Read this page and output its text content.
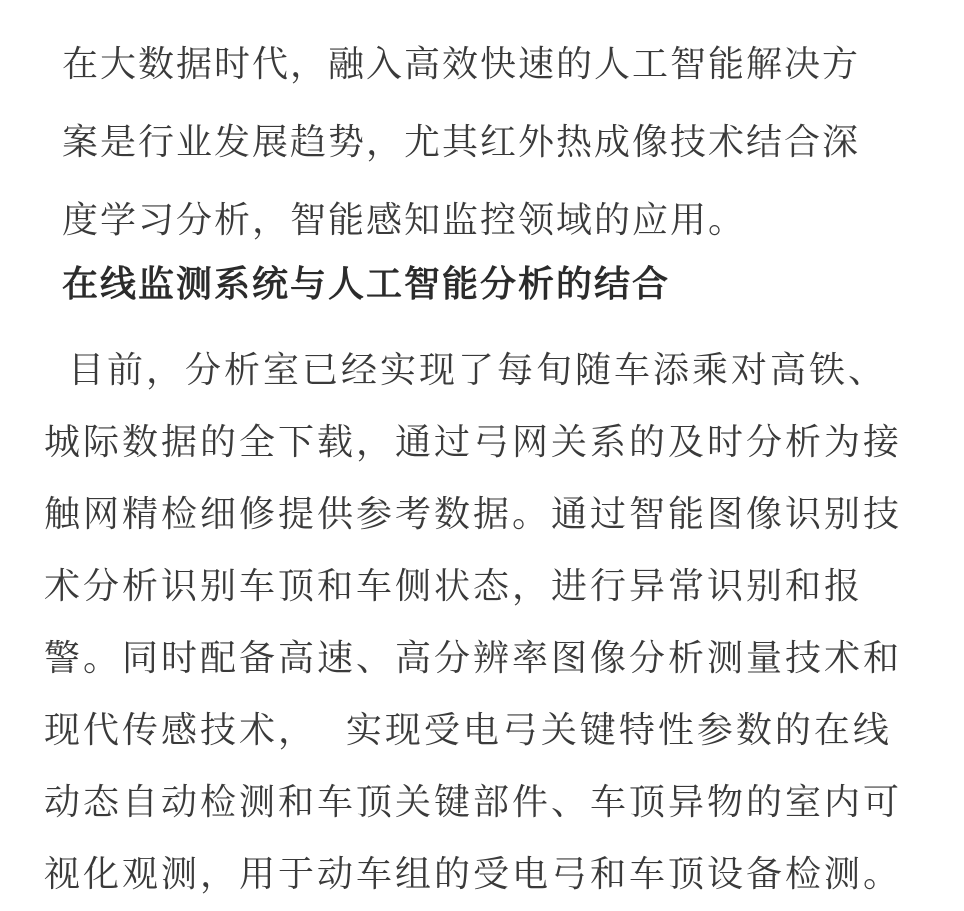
在大数据时代，融入高效快速的人工智能解决方
案是行业发展趋势，尤其红外热成像技术结合深
度学习分析，智能感知监控领域的应用。

在线监测系统与人工智能分析的结合

目前，分析室已经实现了每旬随车添乘对高铁、
城际数据的全下载，通过弓网关系的及时分析为接
触网精检细修提供参考数据。通过智能图像识别技
术分析识别车顶和车侧状态，进行异常识别和报
警。同时配备高速、高分辨率图像分析测量技术和
现代传感技术，  实现受电弓关键特性参数的在线
动态自动检测和车顶关键部件、车顶异物的室内可
视化观测，用于动车组的受电弓和车顶设备检测。
